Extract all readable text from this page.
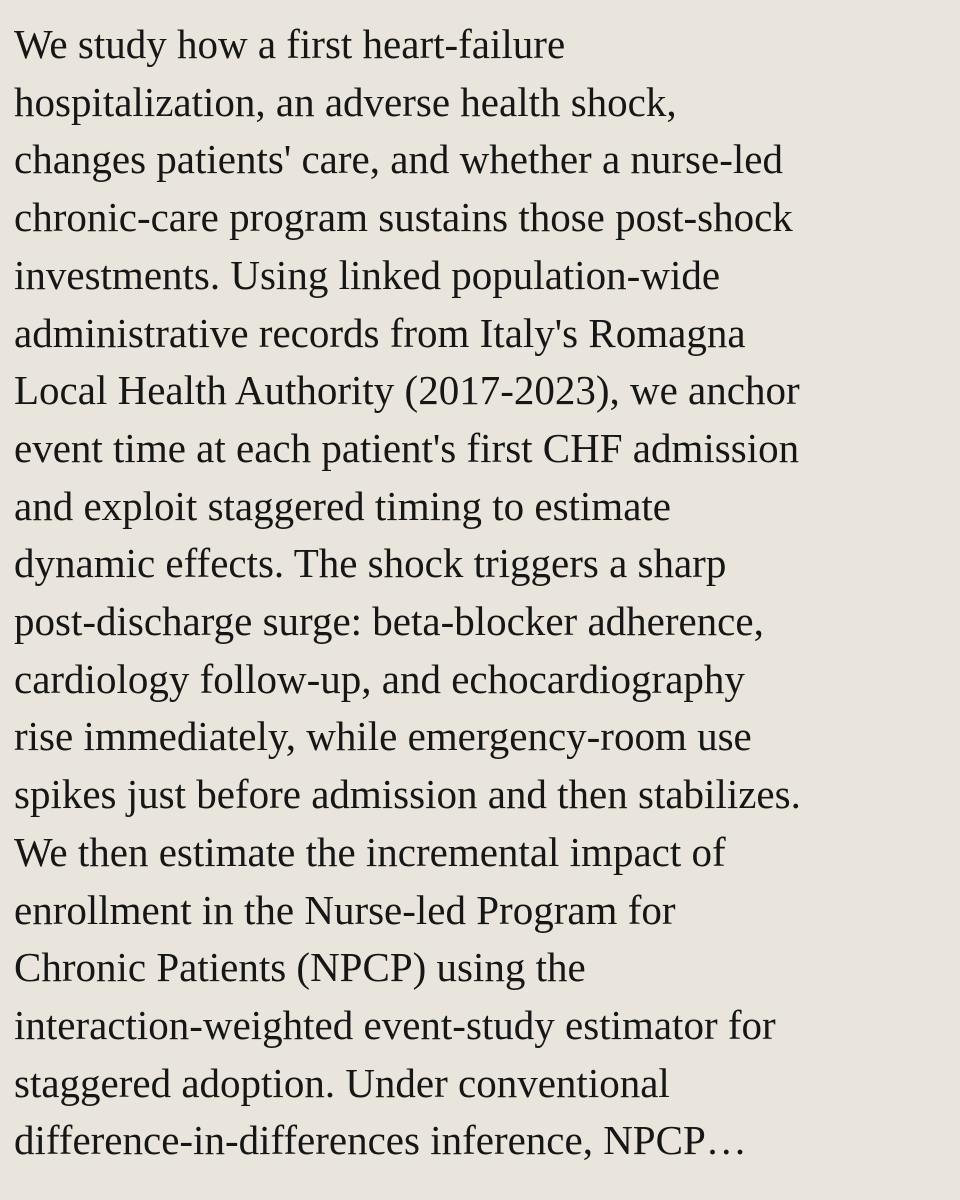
We study how a first heart-failure
hospitalization, an adverse health shock,
changes patients' care, and whether a nurse-led
chronic-care program sustains those post-shock
investments. Using linked population-wide
administrative records from Italy's Romagna
Local Health Authority (2017-2023), we anchor
event time at each patient's first CHF admission
and exploit staggered timing to estimate
dynamic effects. The shock triggers a sharp
post-discharge surge: beta-blocker adherence,
cardiology follow-up, and echocardiography
rise immediately, while emergency-room use
spikes just before admission and then stabilizes.
We then estimate the incremental impact of
enrollment in the Nurse-led Program for
Chronic Patients (NPCP) using the
interaction-weighted event-study estimator for
staggered adoption. Under conventional
difference-in-differences inference, NPCP…
